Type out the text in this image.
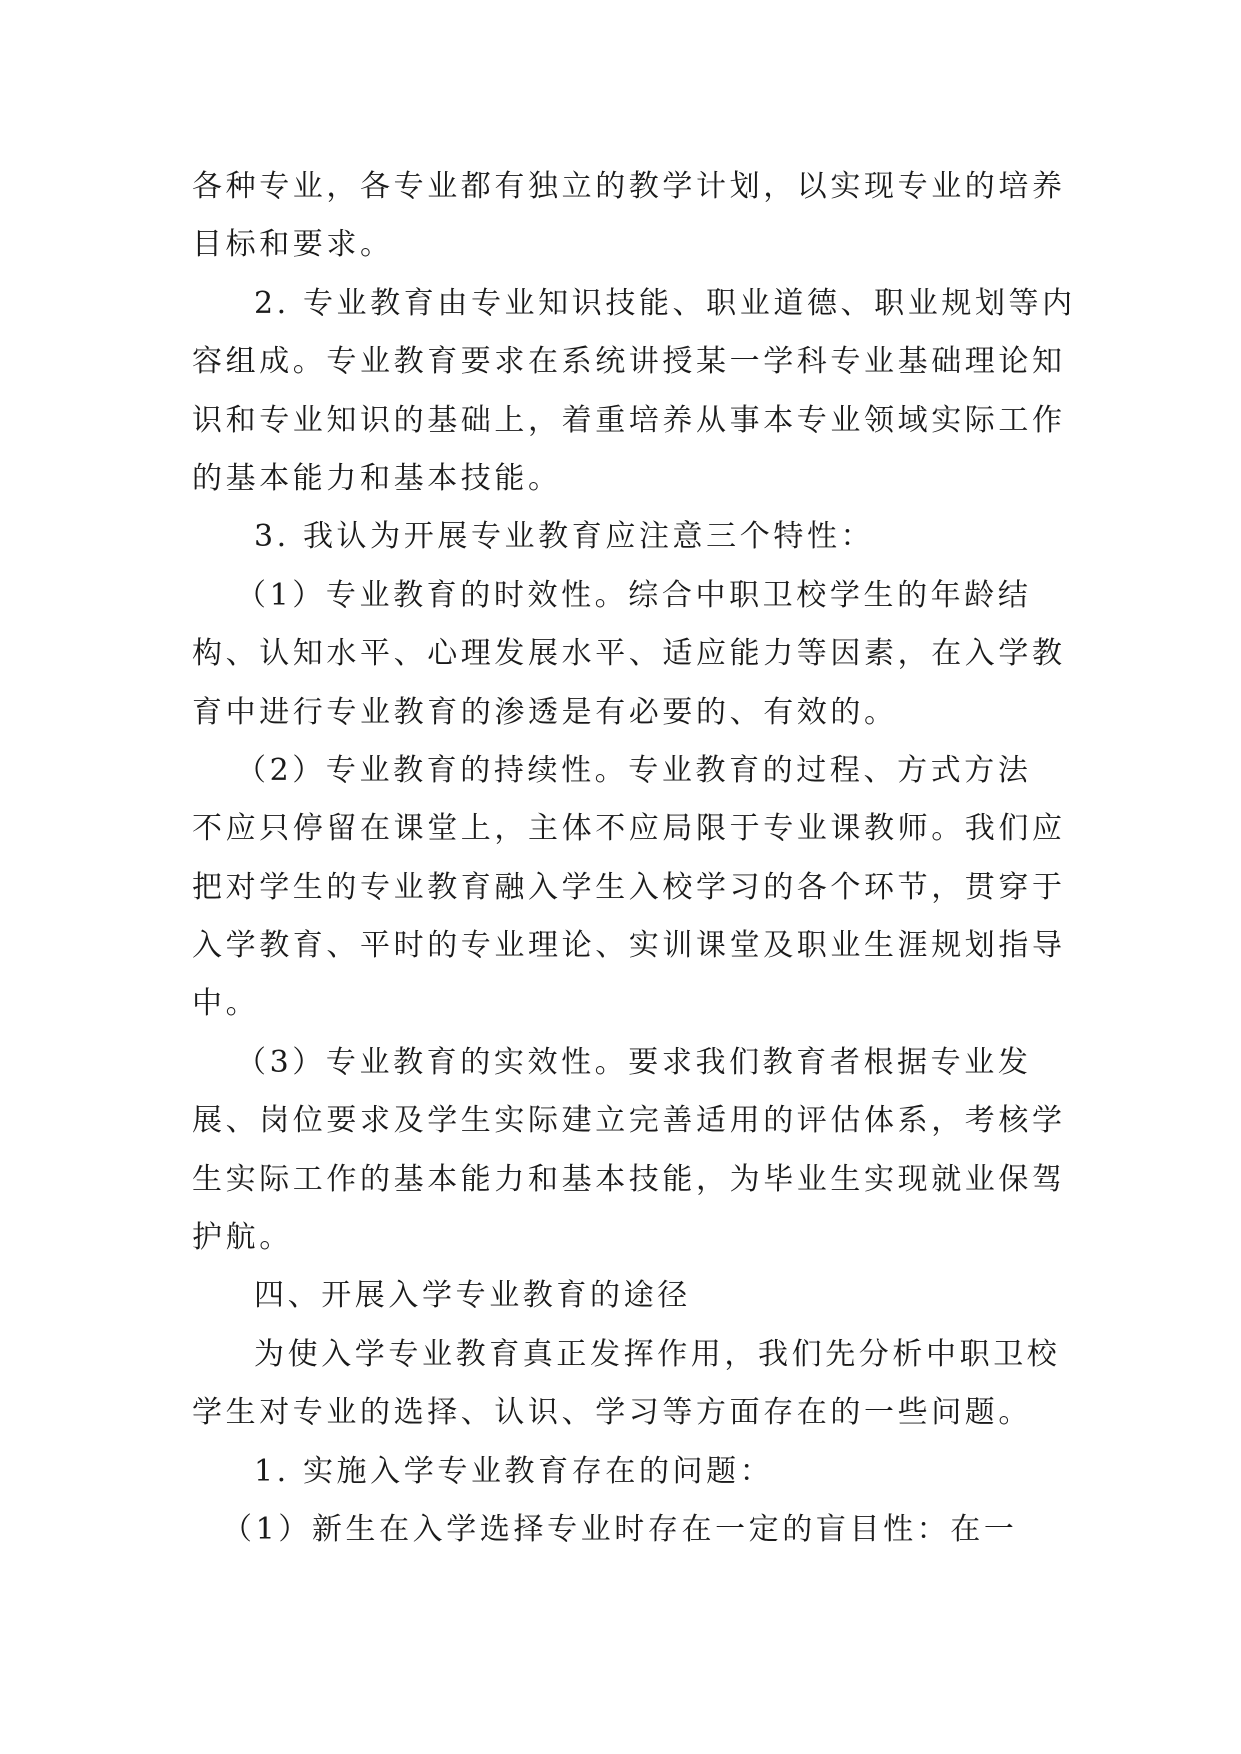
各种专业，各专业都有独立的教学计划，以实现专业的培养
目标和要求。
2. 专业教育由专业知识技能、职业道德、职业规划等内
容组成。专业教育要求在系统讲授某一学科专业基础理论知
识和专业知识的基础上，着重培养从事本专业领域实际工作
的基本能力和基本技能。
3. 我认为开展专业教育应注意三个特性：
（1）专业教育的时效性。综合中职卫校学生的年龄结
构、认知水平、心理发展水平、适应能力等因素，在入学教
育中进行专业教育的渗透是有必要的、有效的。
（2）专业教育的持续性。专业教育的过程、方式方法
不应只停留在课堂上，主体不应局限于专业课教师。我们应
把对学生的专业教育融入学生入校学习的各个环节，贯穿于
入学教育、平时的专业理论、实训课堂及职业生涯规划指导
中。
（3）专业教育的实效性。要求我们教育者根据专业发
展、岗位要求及学生实际建立完善适用的评估体系，考核学
生实际工作的基本能力和基本技能，为毕业生实现就业保驾
护航。
四、开展入学专业教育的途径
为使入学专业教育真正发挥作用，我们先分析中职卫校
学生对专业的选择、认识、学习等方面存在的一些问题。
1. 实施入学专业教育存在的问题：
（1）新生在入学选择专业时存在一定的盲目性：在一
